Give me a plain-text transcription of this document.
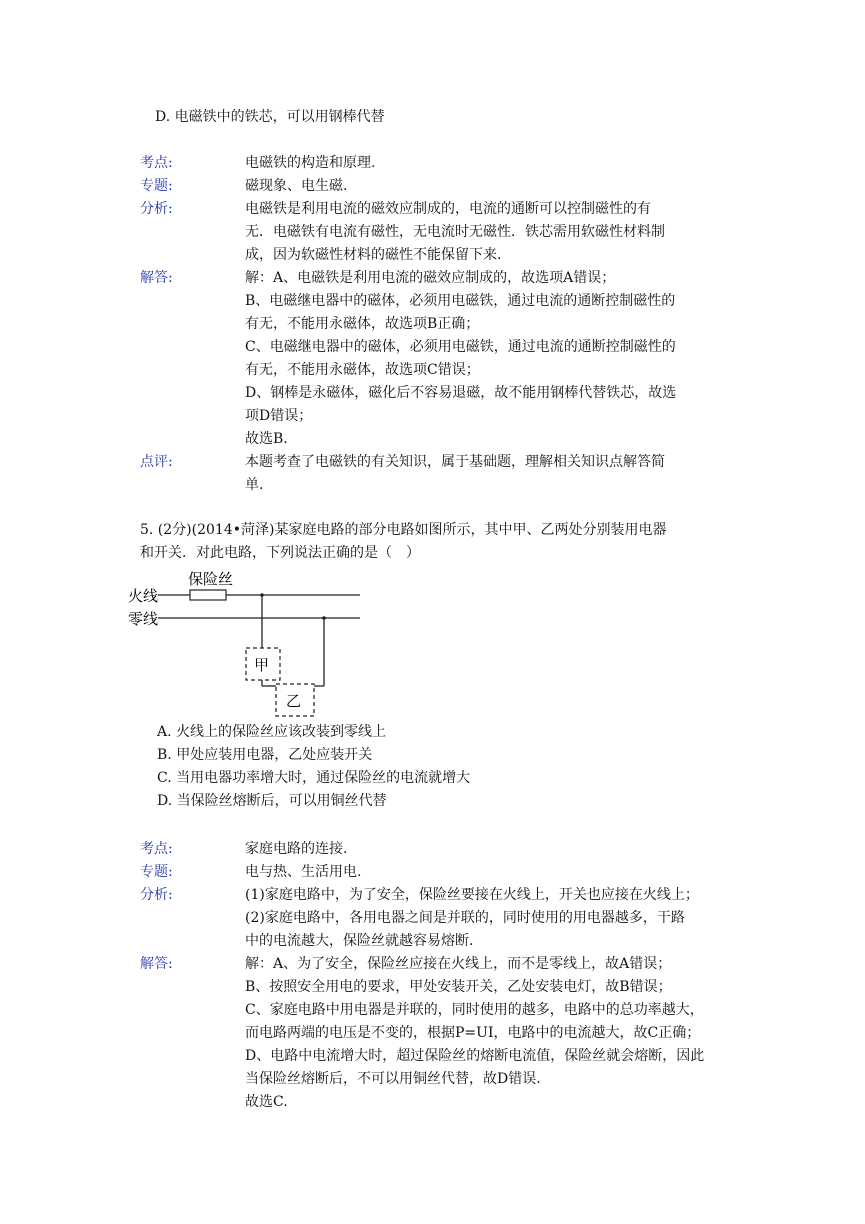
D. 电磁铁中的铁芯，可以用钢棒代替
考点:	电磁铁的构造和原理.
专题:	磁现象、电生磁.
分析:	电磁铁是利用电流的磁效应制成的，电流的通断可以控制磁性的有
无．电磁铁有电流有磁性，无电流时无磁性．铁芯需用软磁性材料制
成，因为软磁性材料的磁性不能保留下来.
解答:	解：A、电磁铁是利用电流的磁效应制成的，故选项A错误；
B、电磁继电器中的磁体，必须用电磁铁，通过电流的通断控制磁性的
有无，不能用永磁体，故选项B正确；
C、电磁继电器中的磁体，必须用电磁铁，通过电流的通断控制磁性的
有无，不能用永磁体，故选项C错误；
D、钢棒是永磁体，磁化后不容易退磁，故不能用钢棒代替铁芯，故选
项D错误；
故选B.
点评:	本题考查了电磁铁的有关知识，属于基础题，理解相关知识点解答简
单.
5. (2分)(2014•菏泽)某家庭电路的部分电路如图所示，其中甲、乙两处分别装用电器
和开关．对此电路，下列说法正确的是（　）
保险丝
火线
零线
甲
乙
A. 火线上的保险丝应该改装到零线上
B. 甲处应装用电器，乙处应装开关
C. 当用电器功率增大时，通过保险丝的电流就增大
D. 当保险丝熔断后，可以用铜丝代替
考点:	家庭电路的连接.
专题:	电与热、生活用电.
分析:	(1)家庭电路中，为了安全，保险丝要接在火线上，开关也应接在火线上；
(2)家庭电路中，各用电器之间是并联的，同时使用的用电器越多，干路
中的电流越大，保险丝就越容易熔断.
解答:	解：A、为了安全，保险丝应接在火线上，而不是零线上，故A错误；
B、按照安全用电的要求，甲处安装开关，乙处安装电灯，故B错误；
C、家庭电路中用电器是并联的，同时使用的越多，电路中的总功率越大，
而电路两端的电压是不变的，根据P=UI，电路中的电流越大，故C正确；
D、电路中电流增大时，超过保险丝的熔断电流值，保险丝就会熔断，因此
当保险丝熔断后，不可以用铜丝代替，故D错误.
故选C.
